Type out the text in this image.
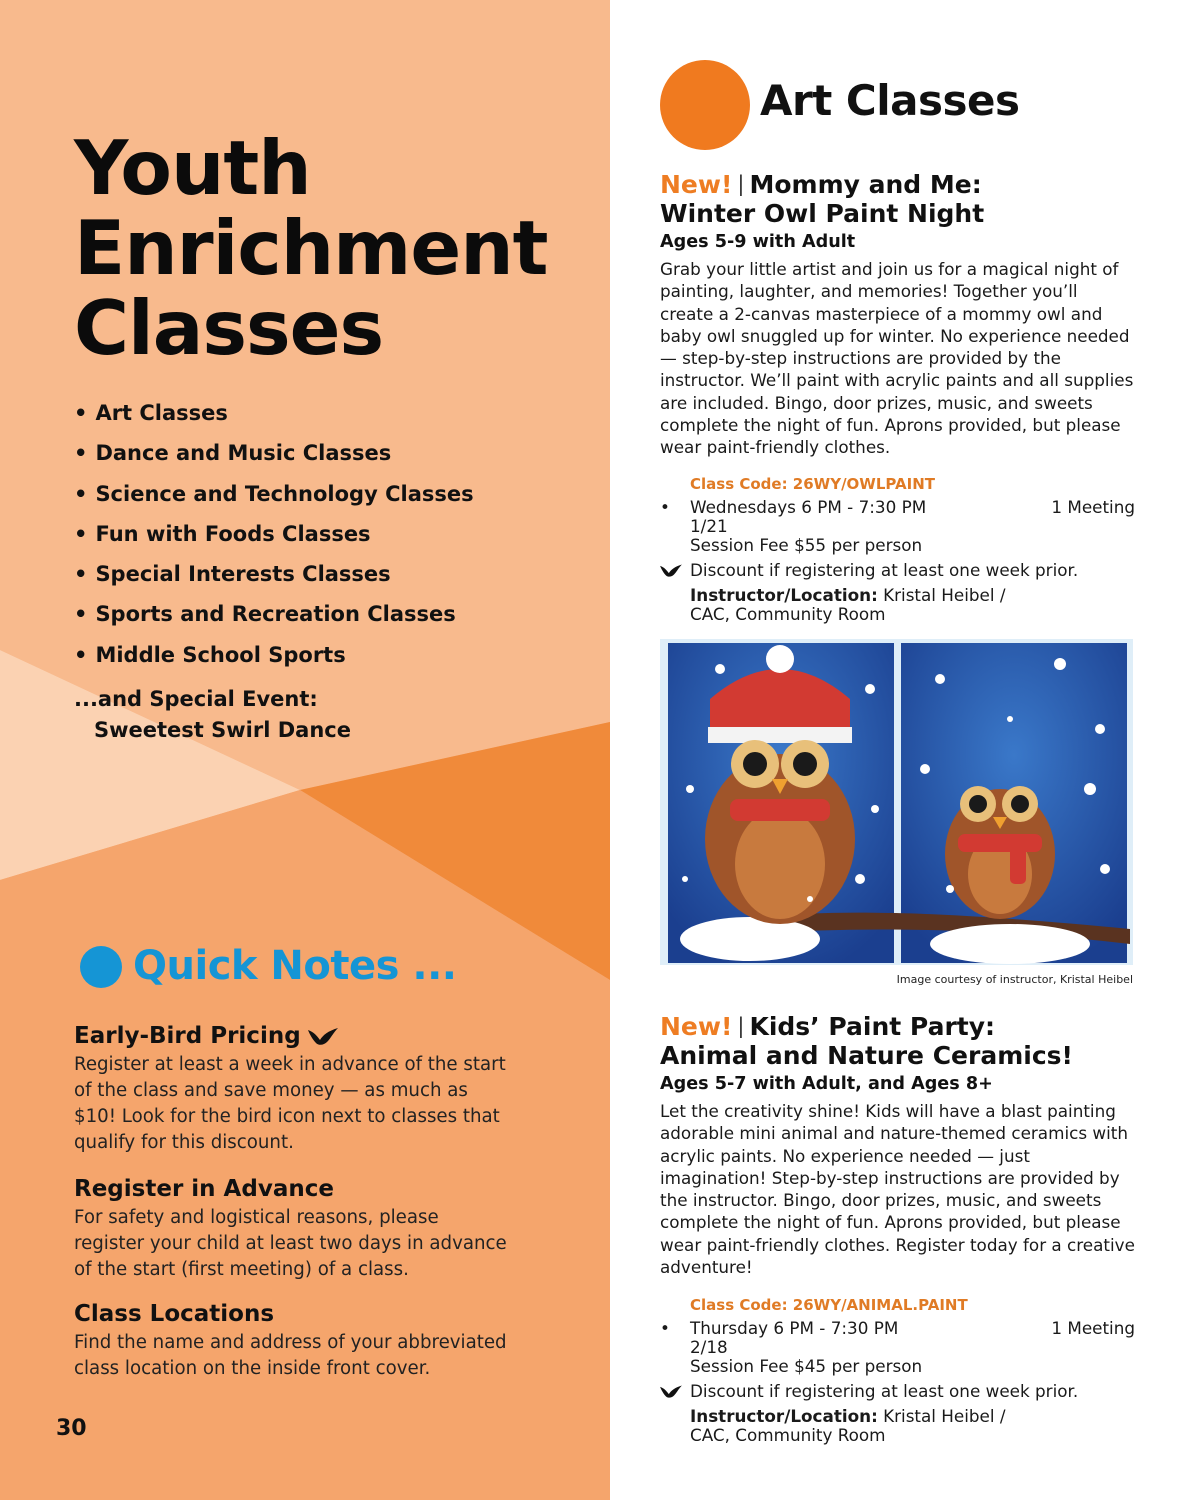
Youth
Enrichment
Classes
• Art Classes
• Dance and Music Classes
• Science and Technology Classes
• Fun with Foods Classes
• Special Interests Classes
• Sports and Recreation Classes
• Middle School Sports
...and Special Event:
Sweetest Swirl Dance
Quick Notes ...
Early-Bird Pricing

Register at least a week in advance of the start of the class and save money — as much as $10! Look for the bird icon next to classes that qualify for this discount.

Register in Advance

For safety and logistical reasons, please register your child at least two days in advance of the start (first meeting) of a class.

Class Locations

Find the name and address of your abbreviated class location on the inside front cover.

30
Art Classes
New! | Mommy and Me:
Winter Owl Paint Night
Ages 5-9 with Adult

Grab your little artist and join us for a magical night of painting, laughter, and memories! Together you’ll create a 2-canvas masterpiece of a mommy owl and baby owl snuggled up for winter. No experience needed — step-by-step instructions are provided by the instructor. We’ll paint with acrylic paints and all supplies are included. Bingo, door prizes, music, and sweets complete the night of fun. Aprons provided, but please wear paint-friendly clothes.

Class Code: 26WY/OWLPAINT
• Wednesdays 6 PM - 7:30 PM	1 Meeting
1/21
Session Fee $55 per person
Discount if registering at least one week prior.
Instructor/Location: Kristal Heibel /
CAC, Community Room
Image courtesy of instructor, Kristal Heibel
New! | Kids’ Paint Party:
Animal and Nature Ceramics!
Ages 5-7 with Adult, and Ages 8+

Let the creativity shine! Kids will have a blast painting adorable mini animal and nature-themed ceramics with acrylic paints. No experience needed — just imagination! Step-by-step instructions are provided by the instructor. Bingo, door prizes, music, and sweets complete the night of fun. Aprons provided, but please wear paint-friendly clothes. Register today for a creative adventure!

Class Code: 26WY/ANIMAL.PAINT
• Thursday 6 PM - 7:30 PM	1 Meeting
2/18
Session Fee $45 per person
Discount if registering at least one week prior.
Instructor/Location: Kristal Heibel /
CAC, Community Room
